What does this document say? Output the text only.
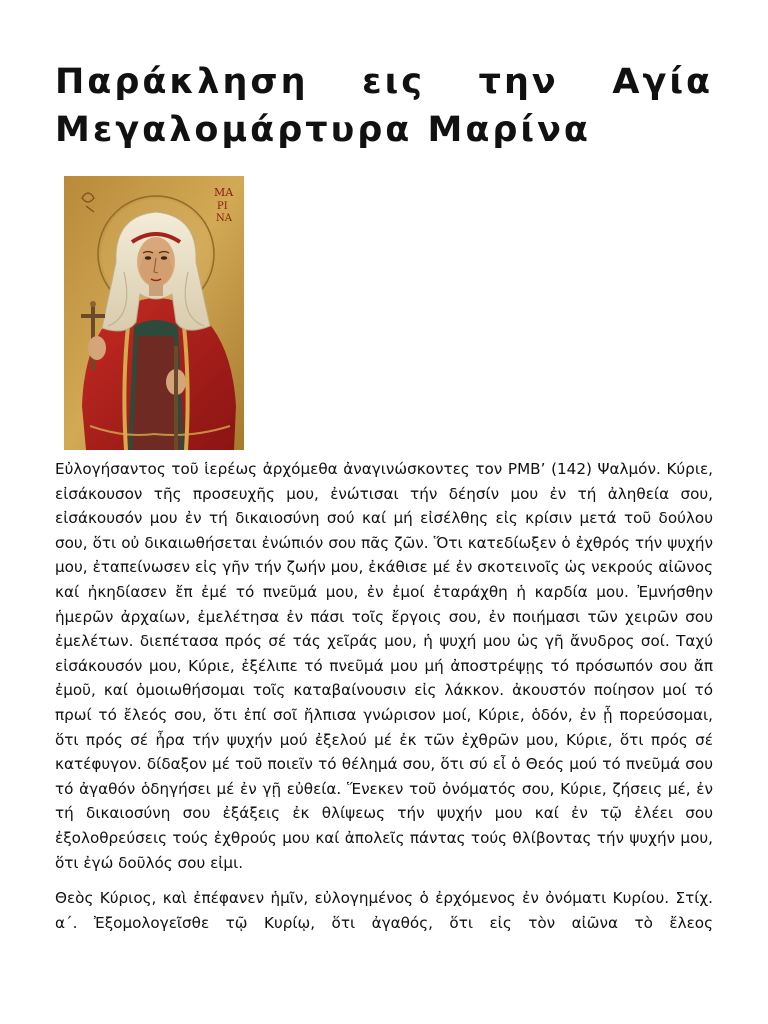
Παράκληση εις την Αγία Μεγαλομάρτυρα Μαρίνα
ΜΑ
ΡΙ
ΝΑ

Εὐλογήσαντος τοῦ ἱερέως ἀρχόμεθα ἀναγινώσκοντες τον ΡΜΒ’ (142) Ψαλμόν. Κύριε, εἰσάκουσον τῆς προσευχῆς μου, ἐνώτισαι τήν δέησίν μου ἐν τή ἀληθεία σου, εἰσάκουσόν μου ἐν τή δικαιοσύνη σού καί μή εἰσέλθης εἰς κρίσιν μετά τοῦ δούλου σου, ὅτι οὐ δικαιωθήσεται ἐνώπιόν σου πᾶς ζῶν. Ὅτι κατεδίωξεν ὁ ἐχθρός τήν ψυχήν μου, ἐταπείνωσεν εἰς γῆν τήν ζωήν μου, ἐκάθισε μέ ἐν σκοτεινοῖς ὡς νεκρούς αἰῶνος καί ἠκηδίασεν ἔπ ἐμέ τό πνεῦμά μου, ἐν ἐμοί ἐταράχθη ἡ καρδία μου. Ἐμνήσθην ἡμερῶν ἀρχαίων, ἐμελέτησα ἐν πάσι τοῖς ἔργοις σου, ἐν ποιήμασι τῶν χειρῶν σου ἐμελέτων. διεπέτασα πρός σέ τάς χεῖράς μου, ἡ ψυχή μου ὡς γῆ ἄνυδρος σοί. Ταχύ εἰσάκουσόν μου, Κύριε, ἐξέλιπε τό πνεῦμά μου μή ἀποστρέψῃς τό πρόσωπόν σου ἄπ ἐμοῦ, καί ὁμοιωθήσομαι τοῖς καταβαίνουσιν εἰς λάκκον. ἀκουστόν ποίησον μοί τό πρωί τό ἔλεός σου, ὅτι ἐπί σοῖ ἤλπισα γνώρισον μοί, Κύριε, ὁδόν, ἐν ᾗ πορεύσομαι, ὅτι πρός σέ ἦρα τήν ψυχήν μού ἐξελού μέ ἐκ τῶν ἐχθρῶν μου, Κύριε, ὅτι πρός σέ κατέφυγον. δίδαξον μέ τοῦ ποιεῖν τό θέλημά σου, ὅτι σύ εἶ ὁ Θεός μού τό πνεῦμά σου τό ἀγαθόν ὁδηγήσει μέ ἐν γῇ εὐθεία. Ἕνεκεν τοῦ ὀνόματός σου, Κύριε, ζήσεις μέ, ἐν τή δικαιοσύνη σου ἐξάξεις ἐκ θλίψεως τήν ψυχήν μου καί ἐν τῷ ἐλέει σου ἐξολοθρεύσεις τούς ἐχθρούς μου καί ἀπολεῖς πάντας τούς θλίβοντας τήν ψυχήν μου, ὅτι ἐγώ δοῦλός σου εἰμι.

Θεὸς Κύριος, καὶ ἐπέφανεν ἡμῖν, εὐλογημένος ὁ ἐρχόμενος ἐν ὀνόματι Κυρίου. Στίχ. α΄. Ἐξομολογεῖσθε τῷ Κυρίῳ, ὅτι ἀγαθός, ὅτι εἰς τὸν αἰῶνα τὸ ἔλεος
